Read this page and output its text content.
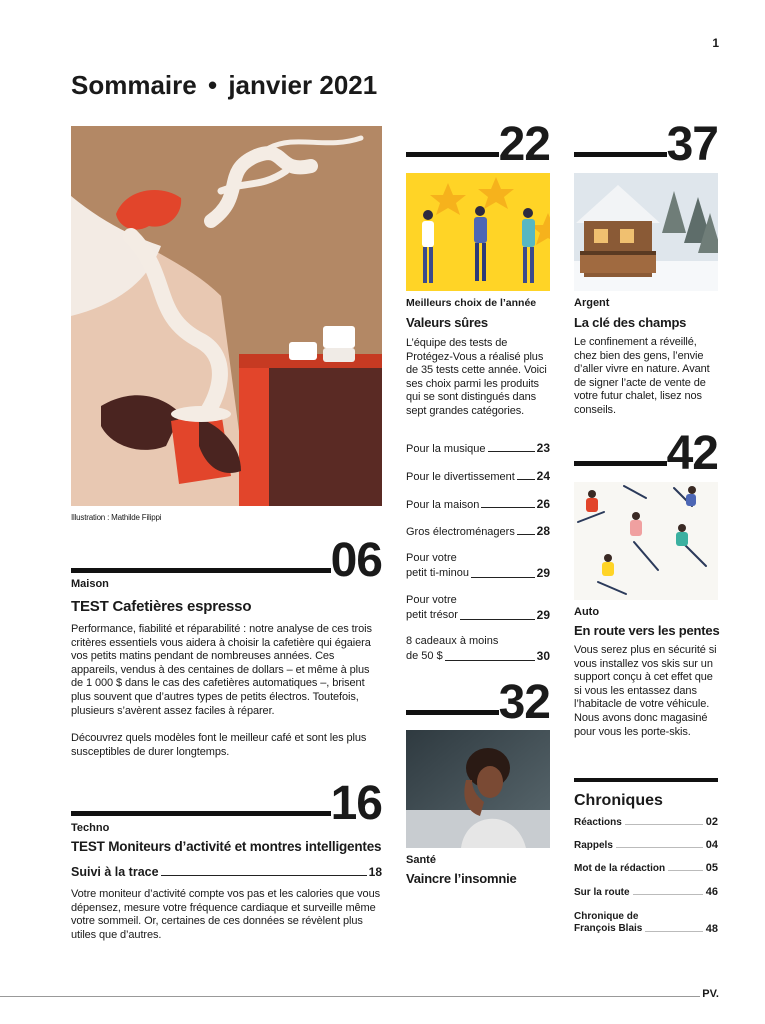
1
Sommaire • janvier 2021
Illustration : Mathilde Filippi
06
Maison
TEST Cafetières espresso

Performance, fiabilité et réparabilité : notre analyse de ces trois critères essentiels vous aidera à choisir la cafetière qui égaiera vos petits matins pendant de nombreuses années. Ces appareils, vendus à des centaines de dollars – et même à plus de 1 000 $ dans le cas des cafetières automatiques –, brisent plus souvent que d’autres types de petits électros. Toutefois, plusieurs s’avèrent assez faciles à réparer.

Découvrez quels modèles font le meilleur café et sont les plus susceptibles de durer longtemps.

16
Techno
TEST Moniteurs d’activité et montres intelligentes
Suivi à la trace	18

Votre moniteur d’activité compte vos pas et les calories que vous dépensez, mesure votre fréquence cardiaque et surveille même votre sommeil. Or, certaines de ces données se révèlent plus utiles que d’autres.

22
Meilleurs choix de l’année
Valeurs sûres

L’équipe des tests de Protégez-Vous a réalisé plus de 35 tests cette année. Voici ses choix parmi les produits qui se sont distingués dans sept grandes catégories.

Pour la musique	23
Pour le divertissement 24
Pour la maison	26
Gros électroménagers 28
Pour votre
petit ti-minou	29
Pour votre
petit trésor	29
8 cadeaux à moins
de 50 $	30
32
Santé
Vaincre l’insomnie
37
Argent
La clé des champs

Le confinement a réveillé, chez bien des gens, l’envie d’aller vivre en nature. Avant de signer l’acte de vente de votre futur chalet, lisez nos conseils.

42
Auto
En route vers les pentes

Vous serez plus en sécurité si vous installez vos skis sur un support conçu à cet effet que si vous les entassez dans l’habitacle de votre véhicule. Nous avons donc magasiné pour vous les porte-skis.

Chroniques
Réactions	02
Rappels	04
Mot de la rédaction	05
Sur la route	46
Chronique de
François Blais	48
PV.
